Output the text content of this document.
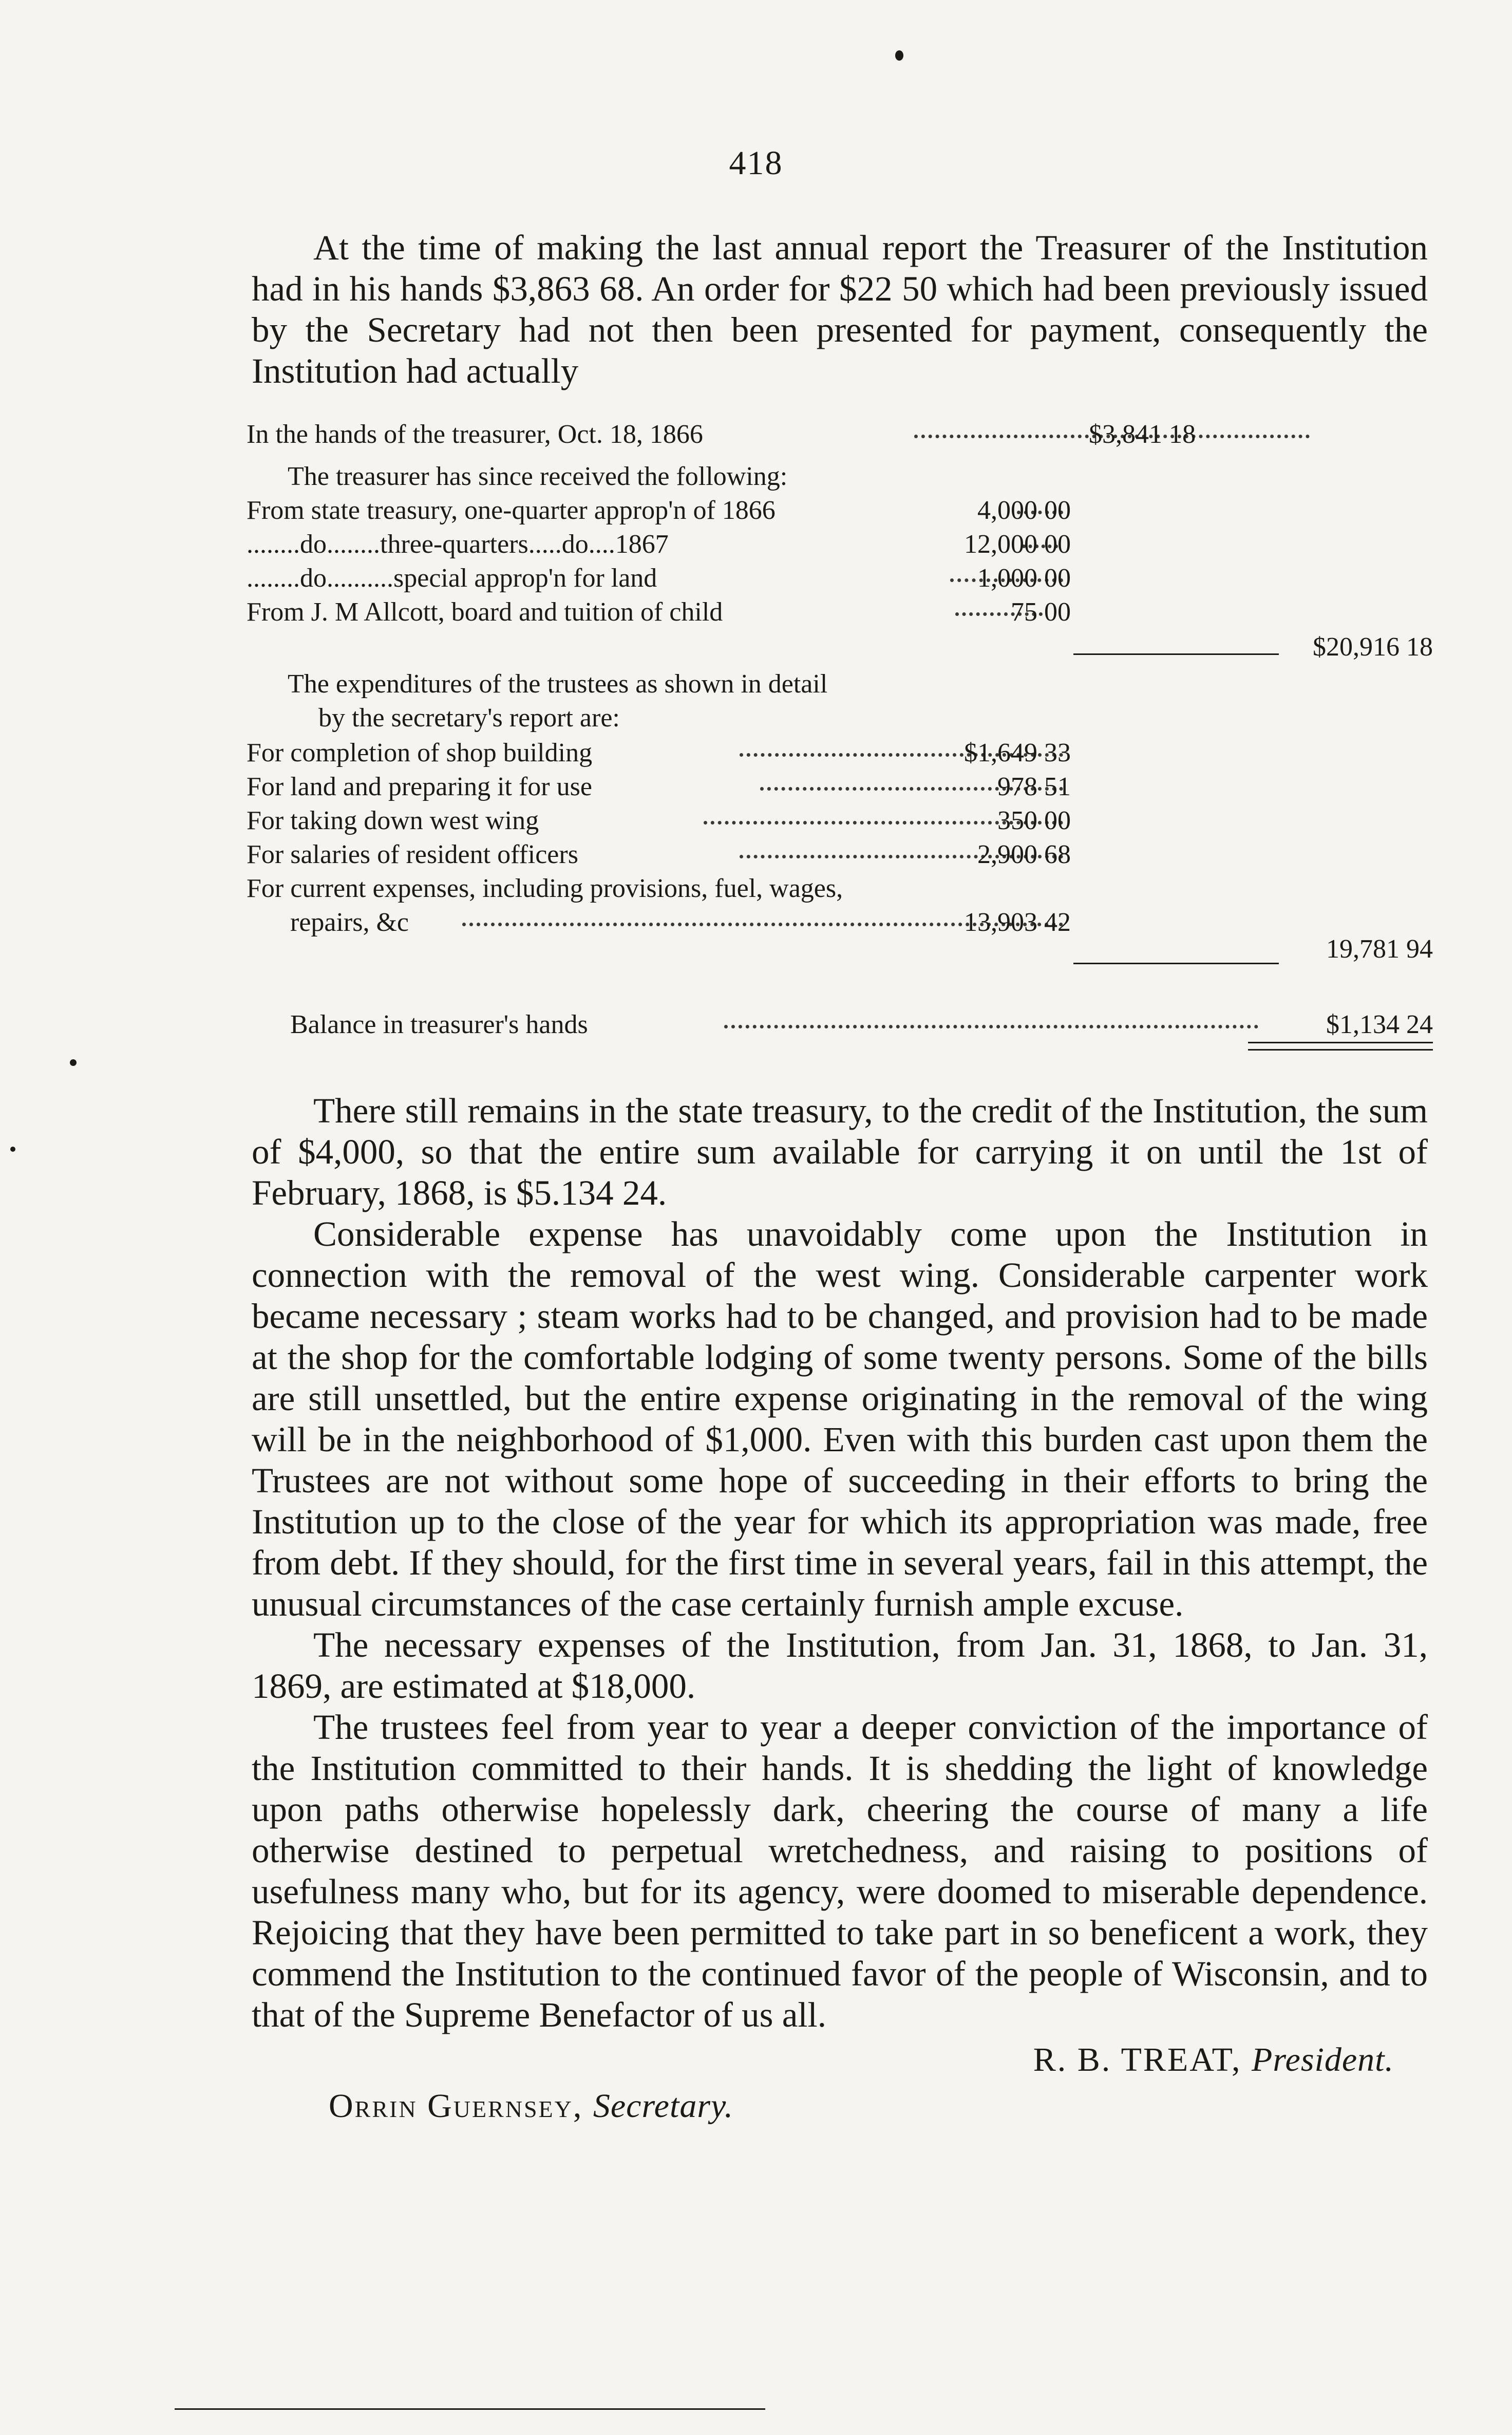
418

At the time of making the last annual report the Treasurer of the Institution had in his hands $3,863 68. An order for $22 50 which had been previously issued by the Secretary had not then been presented for payment, consequently the Institution had actually

In the hands of the treasurer, Oct. 18, 1866	$3,841 18
The treasurer has since received the following:
From state treasury, one-quarter approp'n of 1866	4,000 00
........do........three-quarters.....do....1867	12,000 00
........do..........special approp'n for land	1,000 00
From J. M Allcott, board and tuition of child	75 00
$20,916 18
The expenditures of the trustees as shown in detail
by the secretary's report are:
For completion of shop building	$1,649 33
For land and preparing it for use	978 51
For taking down west wing	350 00
For salaries of resident officers	2,900 68
For current expenses, including provisions, fuel, wages,
repairs, &c	13,903 42
19,781 94
Balance in treasurer's hands	$1,134 24

There still remains in the state treasury, to the credit of the Institution, the sum of $4,000, so that the entire sum available for carrying it on until the 1st of February, 1868, is $5.134 24.

Considerable expense has unavoidably come upon the Institution in connection with the removal of the west wing. Considerable carpenter work became necessary ; steam works had to be changed, and provision had to be made at the shop for the comfortable lodging of some twenty persons. Some of the bills are still unsettled, but the entire expense originating in the removal of the wing will be in the neighborhood of $1,000. Even with this burden cast upon them the Trustees are not without some hope of succeeding in their efforts to bring the Institution up to the close of the year for which its appropriation was made, free from debt. If they should, for the first time in several years, fail in this attempt, the unusual circumstances of the case certainly furnish ample excuse.

The necessary expenses of the Institution, from Jan. 31, 1868, to Jan. 31, 1869, are estimated at $18,000.

The trustees feel from year to year a deeper conviction of the importance of the Institution committed to their hands. It is shedding the light of knowledge upon paths otherwise hopelessly dark, cheering the course of many a life otherwise destined to perpetual wretchedness, and raising to positions of usefulness many who, but for its agency, were doomed to miserable dependence. Rejoicing that they have been permitted to take part in so beneficent a work, they commend the Institution to the continued favor of the people of Wisconsin, and to that of the Supreme Benefactor of us all.

R. B. TREAT, President.
Orrin Guernsey, Secretary.
